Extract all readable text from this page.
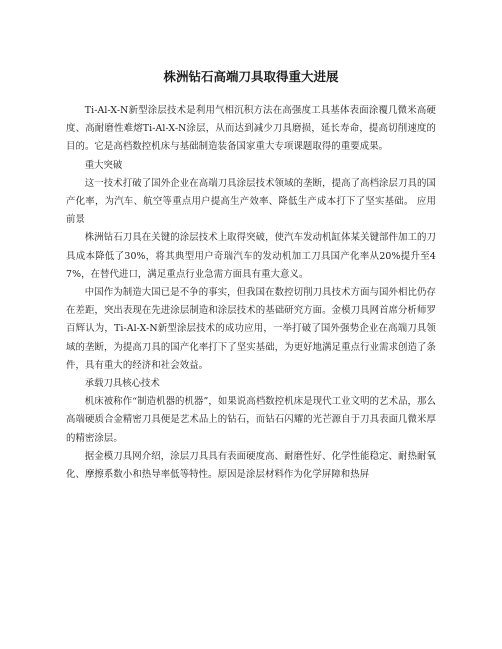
株洲钻石高端刀具取得重大进展

Ti-Al-X-N新型涂层技术是利用气相沉积方法在高强度工具基体表面涂覆几微米高硬度、高耐磨性难熔Ti-Al-X-N涂层，从而达到减少刀具磨损，延长寿命，提高切削速度的目的。它是高档数控机床与基础制造装备国家重大专项课题取得的重要成果。

重大突破

这一技术打破了国外企业在高端刀具涂层技术领域的垄断，提高了高档涂层刀具的国产化率，为汽车、航空等重点用户提高生产效率、降低生产成本打下了坚实基础。 应用前景

株洲钻石刀具在关键的涂层技术上取得突破，使汽车发动机缸体某关键部件加工的刀具成本降低了30%，将其典型用户奇瑞汽车的发动机加工刀具国产化率从20%提升至47%，在替代进口，满足重点行业急需方面具有重大意义。

中国作为制造大国已是不争的事实，但我国在数控切削刀具技术方面与国外相比仍存在差距，突出表现在先进涂层制造和涂层技术的基础研究方面。金模刀具网首席分析师罗百辉认为，Ti-Al-X-N新型涂层技术的成功应用，一举打破了国外强势企业在高端刀具领域的垄断，为提高刀具的国产化率打下了坚实基础，为更好地满足重点行业需求创造了条件，具有重大的经济和社会效益。

承载刀具核心技术

机床被称作“制造机器的机器”，如果说高档数控机床是现代工业文明的艺术品，那么高端硬质合金精密刀具便是艺术品上的钻石，而钻石闪耀的光芒源自于刀具表面几微米厚的精密涂层。

据金模刀具网介绍，涂层刀具具有表面硬度高、耐磨性好、化学性能稳定、耐热耐氧化、摩擦系数小和热导率低等特性。原因是涂层材料作为化学屏障和热屏
